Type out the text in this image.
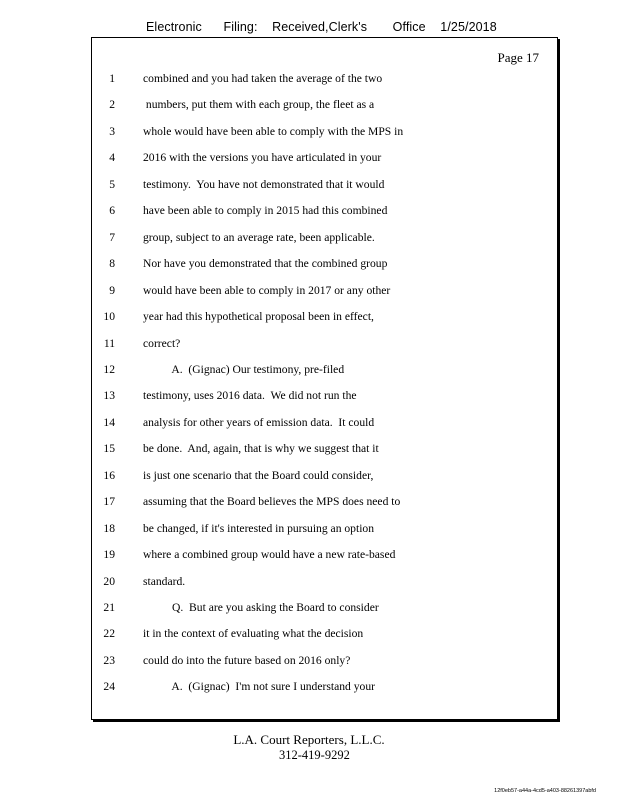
Electronic Filing: Received,Clerk's Office 1/25/2018
Page 17
1 combined and you had taken the average of the two
2 numbers, put them with each group, the fleet as a
3 whole would have been able to comply with the MPS in
4 2016 with the versions you have articulated in your
5 testimony.  You have not demonstrated that it would
6 have been able to comply in 2015 had this combined
7 group, subject to an average rate, been applicable.
8 Nor have you demonstrated that the combined group
9 would have been able to comply in 2017 or any other
10 year had this hypothetical proposal been in effect,
11 correct?
12 A.  (Gignac) Our testimony, pre-filed
13 testimony, uses 2016 data.  We did not run the
14 analysis for other years of emission data.  It could
15 be done.  And, again, that is why we suggest that it
16 is just one scenario that the Board could consider,
17 assuming that the Board believes the MPS does need to
18 be changed, if it's interested in pursuing an option
19 where a combined group would have a new rate-based
20 standard.
21 Q.  But are you asking the Board to consider
22 it in the context of evaluating what the decision
23 could do into the future based on 2016 only?
24 A.  (Gignac)  I'm not sure I understand your
L.A. Court Reporters, L.L.C.
312-419-9292
12f0eb57-a44a-4cd5-a403-88261397abfd
